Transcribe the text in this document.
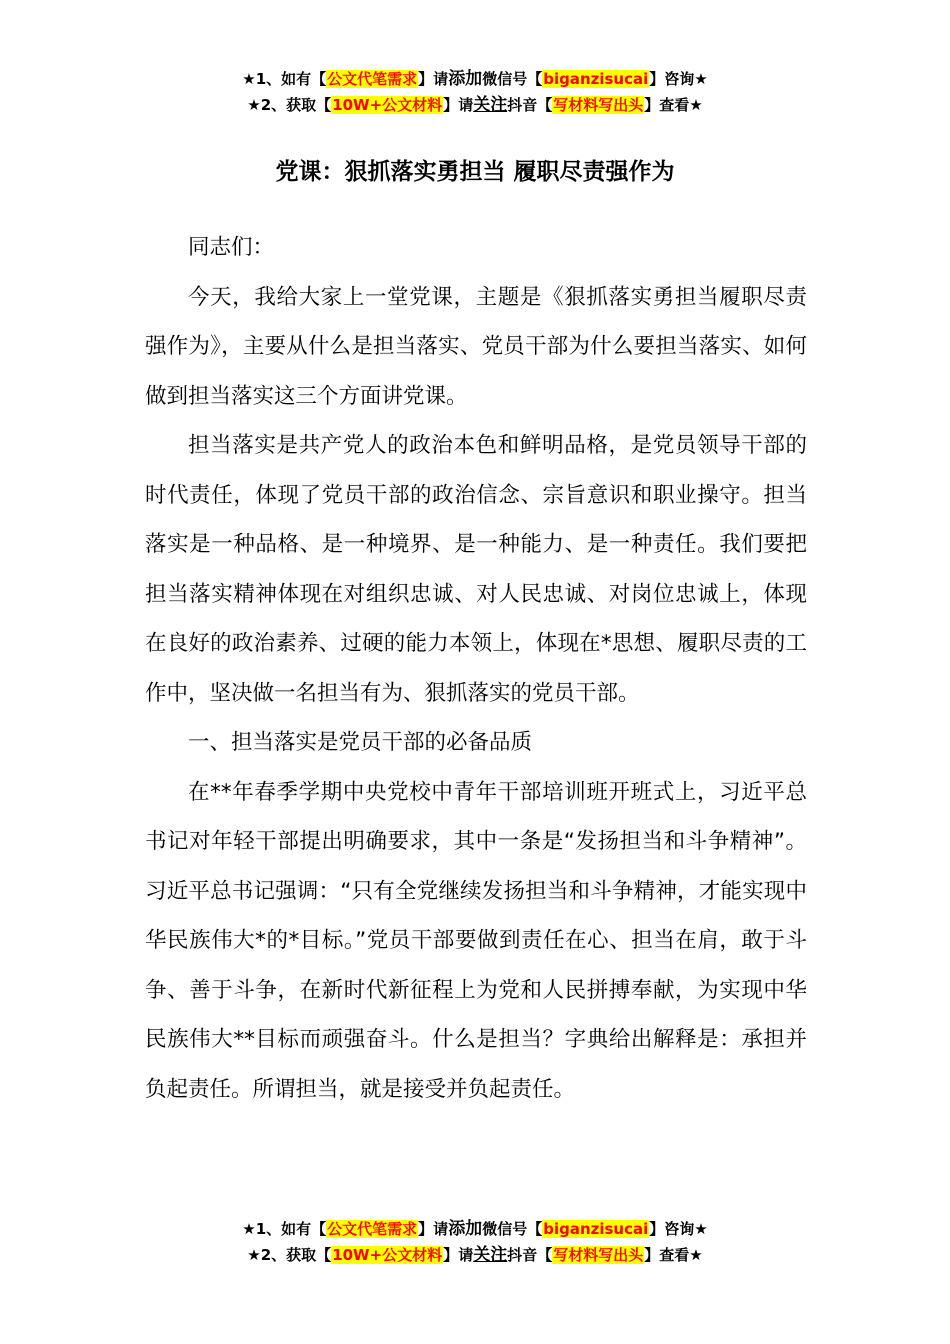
★1、如有【公文代笔需求】请添加微信号【biganzisucai】咨询★
★2、获取【10W+公文材料】请关注抖音【写材料写出头】查看★
党课：狠抓落实勇担当 履职尽责强作为

同志们：

今天，我给大家上一堂党课，主题是《狠抓落实勇担当履职尽责强作为》，主要从什么是担当落实、党员干部为什么要担当落实、如何做到担当落实这三个方面讲党课。

担当落实是共产党人的政治本色和鲜明品格，是党员领导干部的时代责任，体现了党员干部的政治信念、宗旨意识和职业操守。担当落实是一种品格、是一种境界、是一种能力、是一种责任。我们要把担当落实精神体现在对组织忠诚、对人民忠诚、对岗位忠诚上，体现在良好的政治素养、过硬的能力本领上，体现在*思想、履职尽责的工作中，坚决做一名担当有为、狠抓落实的党员干部。

一、担当落实是党员干部的必备品质

在**年春季学期中央党校中青年干部培训班开班式上，习近平总书记对年轻干部提出明确要求，其中一条是“发扬担当和斗争精神”。习近平总书记强调：“只有全党继续发扬担当和斗争精神，才能实现中华民族伟大*的*目标。”党员干部要做到责任在心、担当在肩，敢于斗争、善于斗争，在新时代新征程上为党和人民拼搏奉献，为实现中华民族伟大**目标而顽强奋斗。什么是担当？字典给出解释是：承担并负起责任。所谓担当，就是接受并负起责任。

★1、如有【公文代笔需求】请添加微信号【biganzisucai】咨询★
★2、获取【10W+公文材料】请关注抖音【写材料写出头】查看★
